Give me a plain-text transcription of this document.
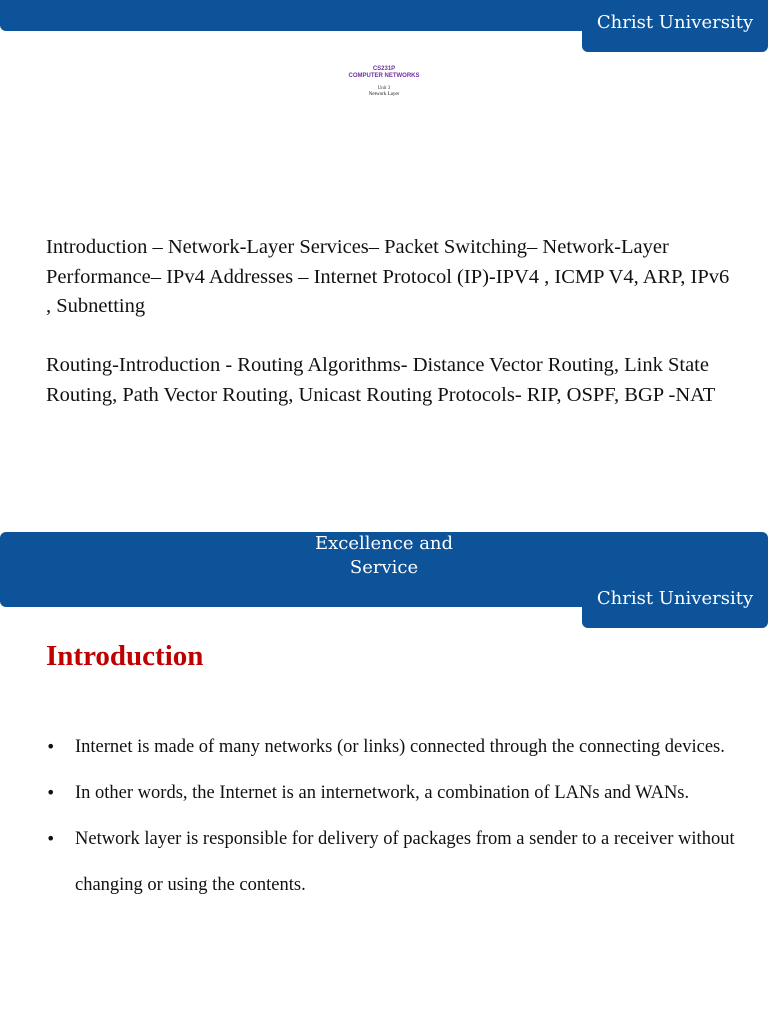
Christ University
CS231P
COMPUTER NETWORKS
Unit 3
Network Layer

Introduction – Network-Layer Services– Packet Switching– Network-Layer Performance– IPv4 Addresses – Internet Protocol (IP)-IPV4 , ICMP V4, ARP, IPv6 , Subnetting

Routing-Introduction - Routing Algorithms- Distance Vector Routing, Link State Routing, Path Vector Routing, Unicast Routing Protocols- RIP, OSPF, BGP -NAT

Excellence and Service
Christ University
Introduction
• Internet is made of many networks (or links) connected through the connecting devices.
• In other words, the Internet is an internetwork, a combination of LANs and WANs.
• Network layer is responsible for delivery of packages from a sender to a receiver without changing or using the contents.
